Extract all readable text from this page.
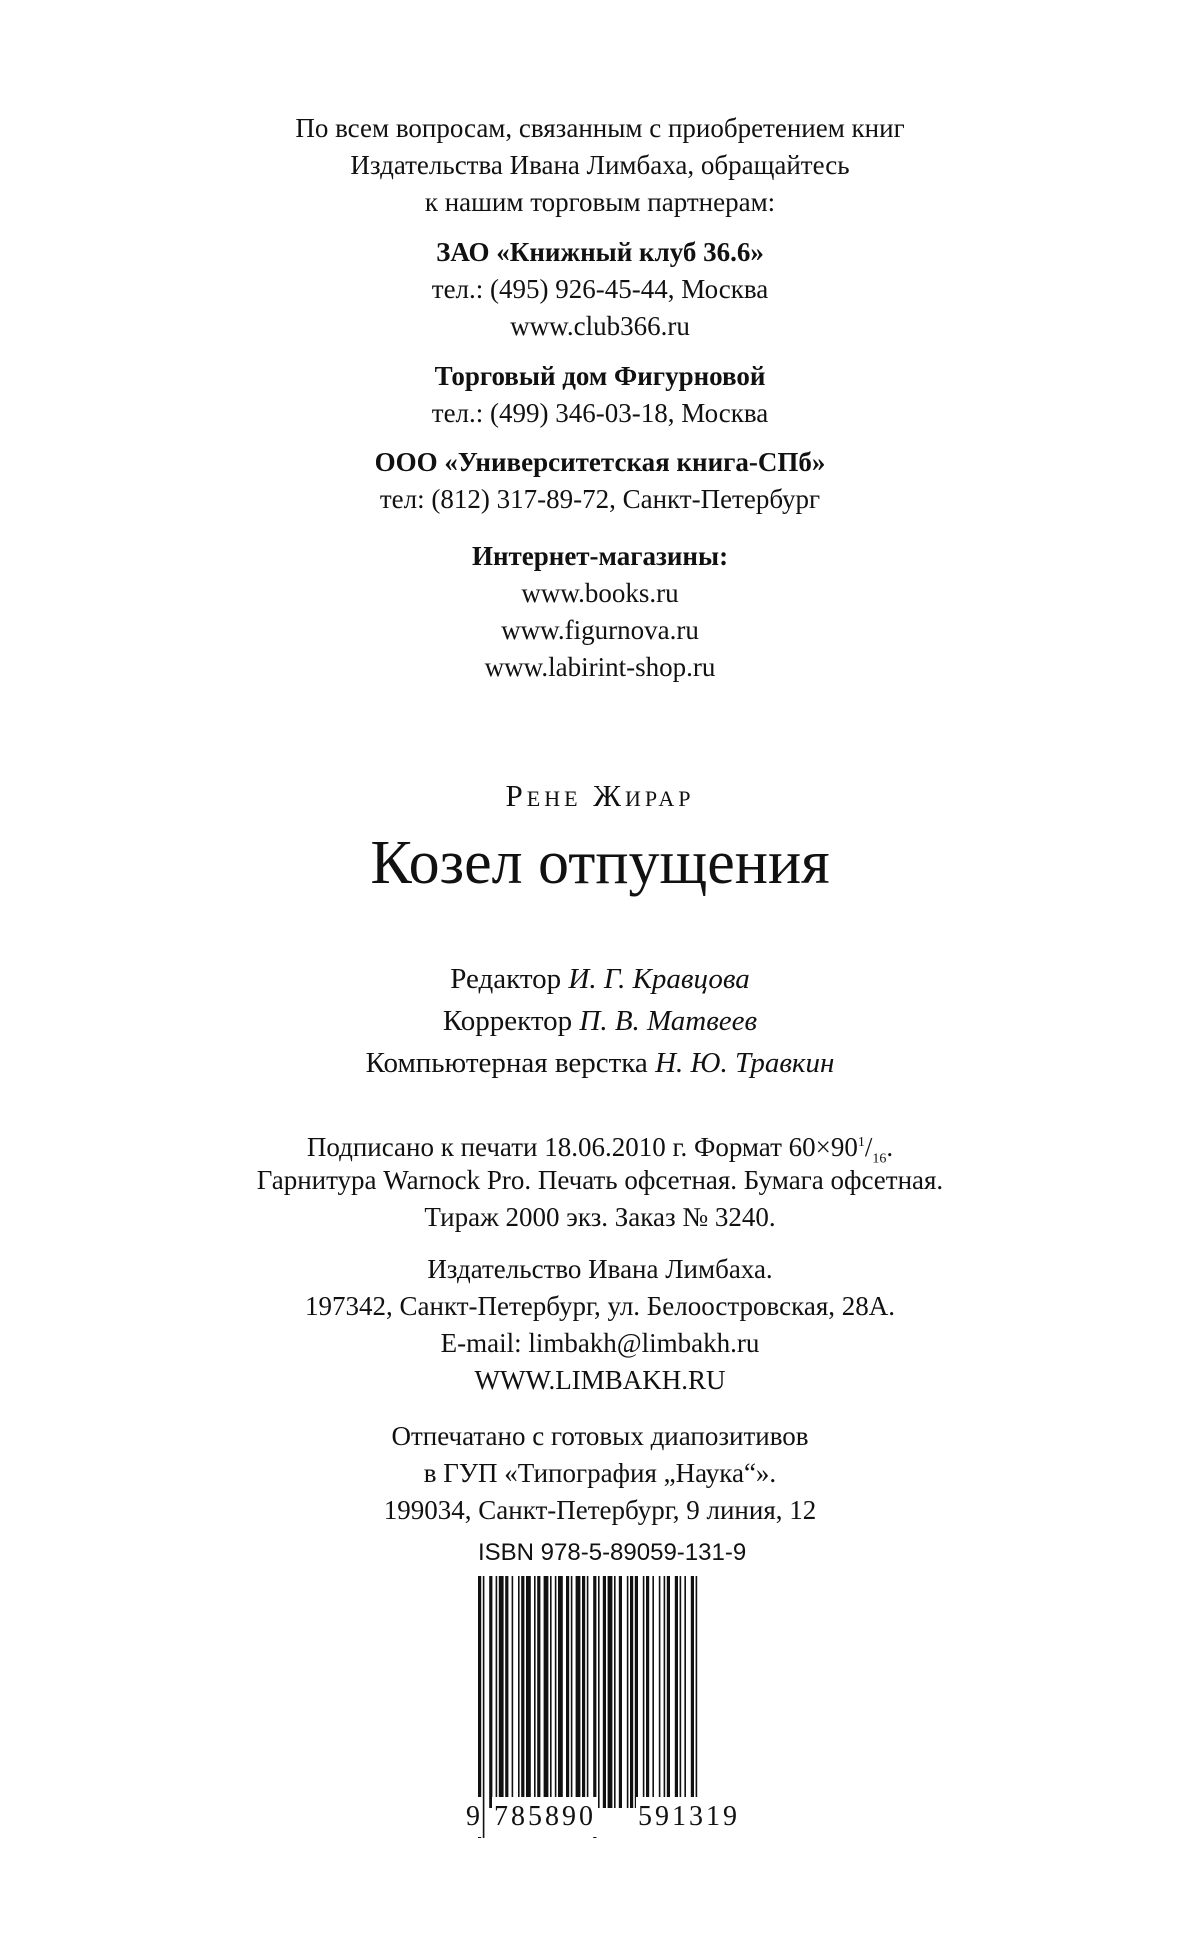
По всем вопросам, связанным с приобретением книг
Издательства Ивана Лимбаха, обращайтесь
к нашим торговым партнерам:
ЗАО «Книжный клуб 36.6»
тел.: (495) 926-45-44, Москва
www.club366.ru
Торговый дом Фигурновой
тел.: (499) 346-03-18, Москва
ООО «Университетская книга-СПб»
тел: (812) 317-89-72, Санкт-Петербург
Интернет-магазины:
www.books.ru
www.figurnova.ru
www.labirint-shop.ru
Рене Жирар
Козел отпущения
Редактор И. Г. Кравцова
Корректор П. В. Матвеев
Компьютерная верстка Н. Ю. Травкин
Подписано к печати 18.06.2010 г. Формат $60\times 90^1/_{16}$.
Гарнитура Warnock Pro. Печать офсетная. Бумага офсетная.
Тираж 2000 экз. Заказ № 3240.
Издательство Ивана Лимбаха.
197342, Санкт-Петербург, ул. Белоостровская, 28А.
E-mail: limbakh@limbakh.ru
WWW.LIMBAKH.RU
Отпечатано с готовых диапозитивов
в ГУП «Типография „Наука“».
199034, Санкт-Петербург, 9 линия, 12
ISBN 978-5-89059-131-9
9 785890 591319
